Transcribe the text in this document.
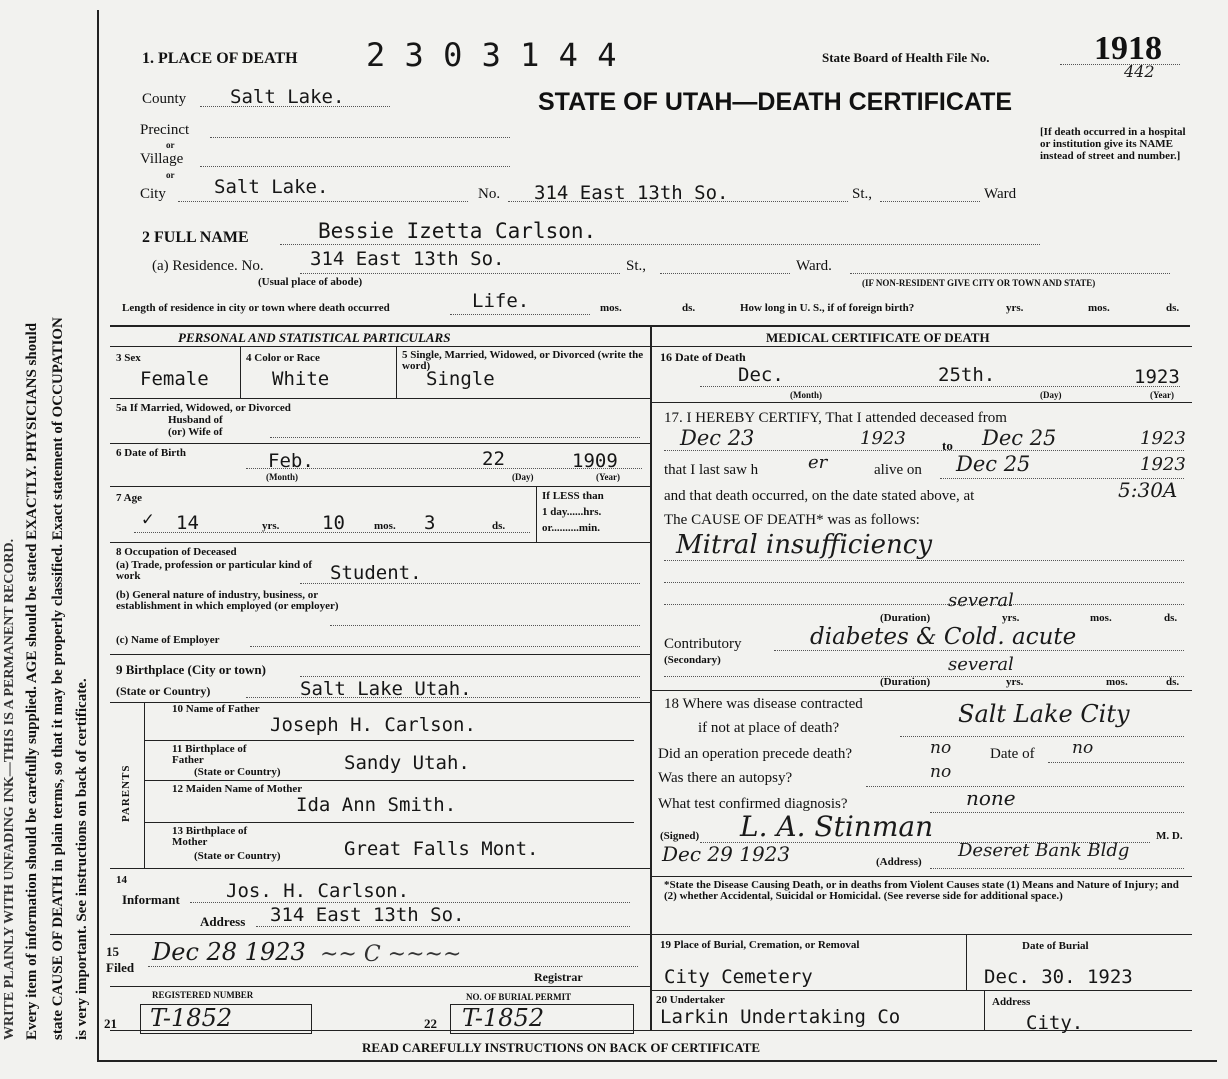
Every item of information should be carefully supplied. AGE should be stated EXACTLY. PHYSICIANS should state CAUSE OF DEATH in plain terms, so that it may be properly classified. Exact statement of OCCUPATION is very important. See instructions on back of certificate.
WRITE PLAINLY WITH UNFADING INK—THIS IS A PERMANENT RECORD.
1. PLACE OF DEATH 2 3 0 3 1 4 4	State Board of Health File No.	1918
442
STATE OF UTAH—DEATH CERTIFICATE
County Salt Lake.
Precinct
or
Village
or
City	Salt Lake.	No. 314 East 13th So.	St.,	Ward
[If death occurred in a hospital or institution give its NAME instead of street and number.]
2 FULL NAME	Bessie Izetta Carlson.
(a) Residence. No. 314 East 13th So.	St.,	Ward.
(Usual place of abode)	(IF NON-RESIDENT GIVE CITY OR TOWN AND STATE)
Length of residence in city or town where death occurred	Life.	mos.	ds.	How long in U. S., if of foreign birth?	yrs.	mos.	ds.
PERSONAL AND STATISTICAL PARTICULARS
3 Sex
Female
4 Color or Race
White
5 Single, Married, Widowed, or Divorced (write the word)
Single
5a If Married, Widowed, or Divorced
Husband of
(or) Wife of
6 Date of Birth	Feb.	22	1909
(Month)	(Day)	(Year)
7 Age
✓ 14	yrs. 10	mos. 3	ds.
If LESS than
1 day......hrs.
or..........min.
8 Occupation of Deceased
(a) Trade, profession or particular kind of work	Student.
(b) General nature of industry, business, or establishment in which employed (or employer)
(c) Name of Employer
9 Birthplace (City or town)
(State or Country)	Salt Lake Utah.
PARENTS
10 Name of Father
Joseph H. Carlson.
11 Birthplace of Father
(State or Country)	Sandy Utah.
12 Maiden Name of Mother
Ida Ann Smith.
13 Birthplace of Mother
(State or Country)	Great Falls Mont.
14
Informant Jos. H. Carlson.
Address 314 East 13th So.
15 Filed
Dec 28 1923 ~~ C ~~~~
Registrar
REGISTERED NUMBER	NO. OF BURIAL PERMIT
21 T-1852	22 T-1852
MEDICAL CERTIFICATE OF DEATH
16 Date of Death
Dec.	25th.	1923
(Month)	(Day)	(Year)
17. I HEREBY CERTIFY, That I attended deceased from
Dec 23	1923	to Dec 25	1923
that I last saw h	er	alive on Dec 25	1923
and that death occurred, on the date stated above, at	5:30A
The CAUSE OF DEATH* was as follows:
Mitral insufficiency
(Duration)
several
yrs.	mos.	ds.
Contributory
(Secondary)
diabetes & Cold. acute
(Duration)
several
yrs.	mos.	ds.
18 Where was disease contracted
if not at place of death?	Salt Lake City
Did an operation precede death?	no	Date of no
Was there an autopsy?	no
What test confirmed diagnosis?	none
(Signed) L. A. Stinman	M. D.
Dec 29 1923	(Address)
Deseret Bank Bldg
*State the Disease Causing Death, or in deaths from Violent Causes state (1) Means and Nature of Injury; and (2) whether Accidental, Suicidal or Homicidal. (See reverse side for additional space.)
19 Place of Burial, Cremation, or Removal
City Cemetery
Date of Burial
Dec. 30. 1923
20 Undertaker
Larkin Undertaking Co
Address
City.
READ CAREFULLY INSTRUCTIONS ON BACK OF CERTIFICATE
